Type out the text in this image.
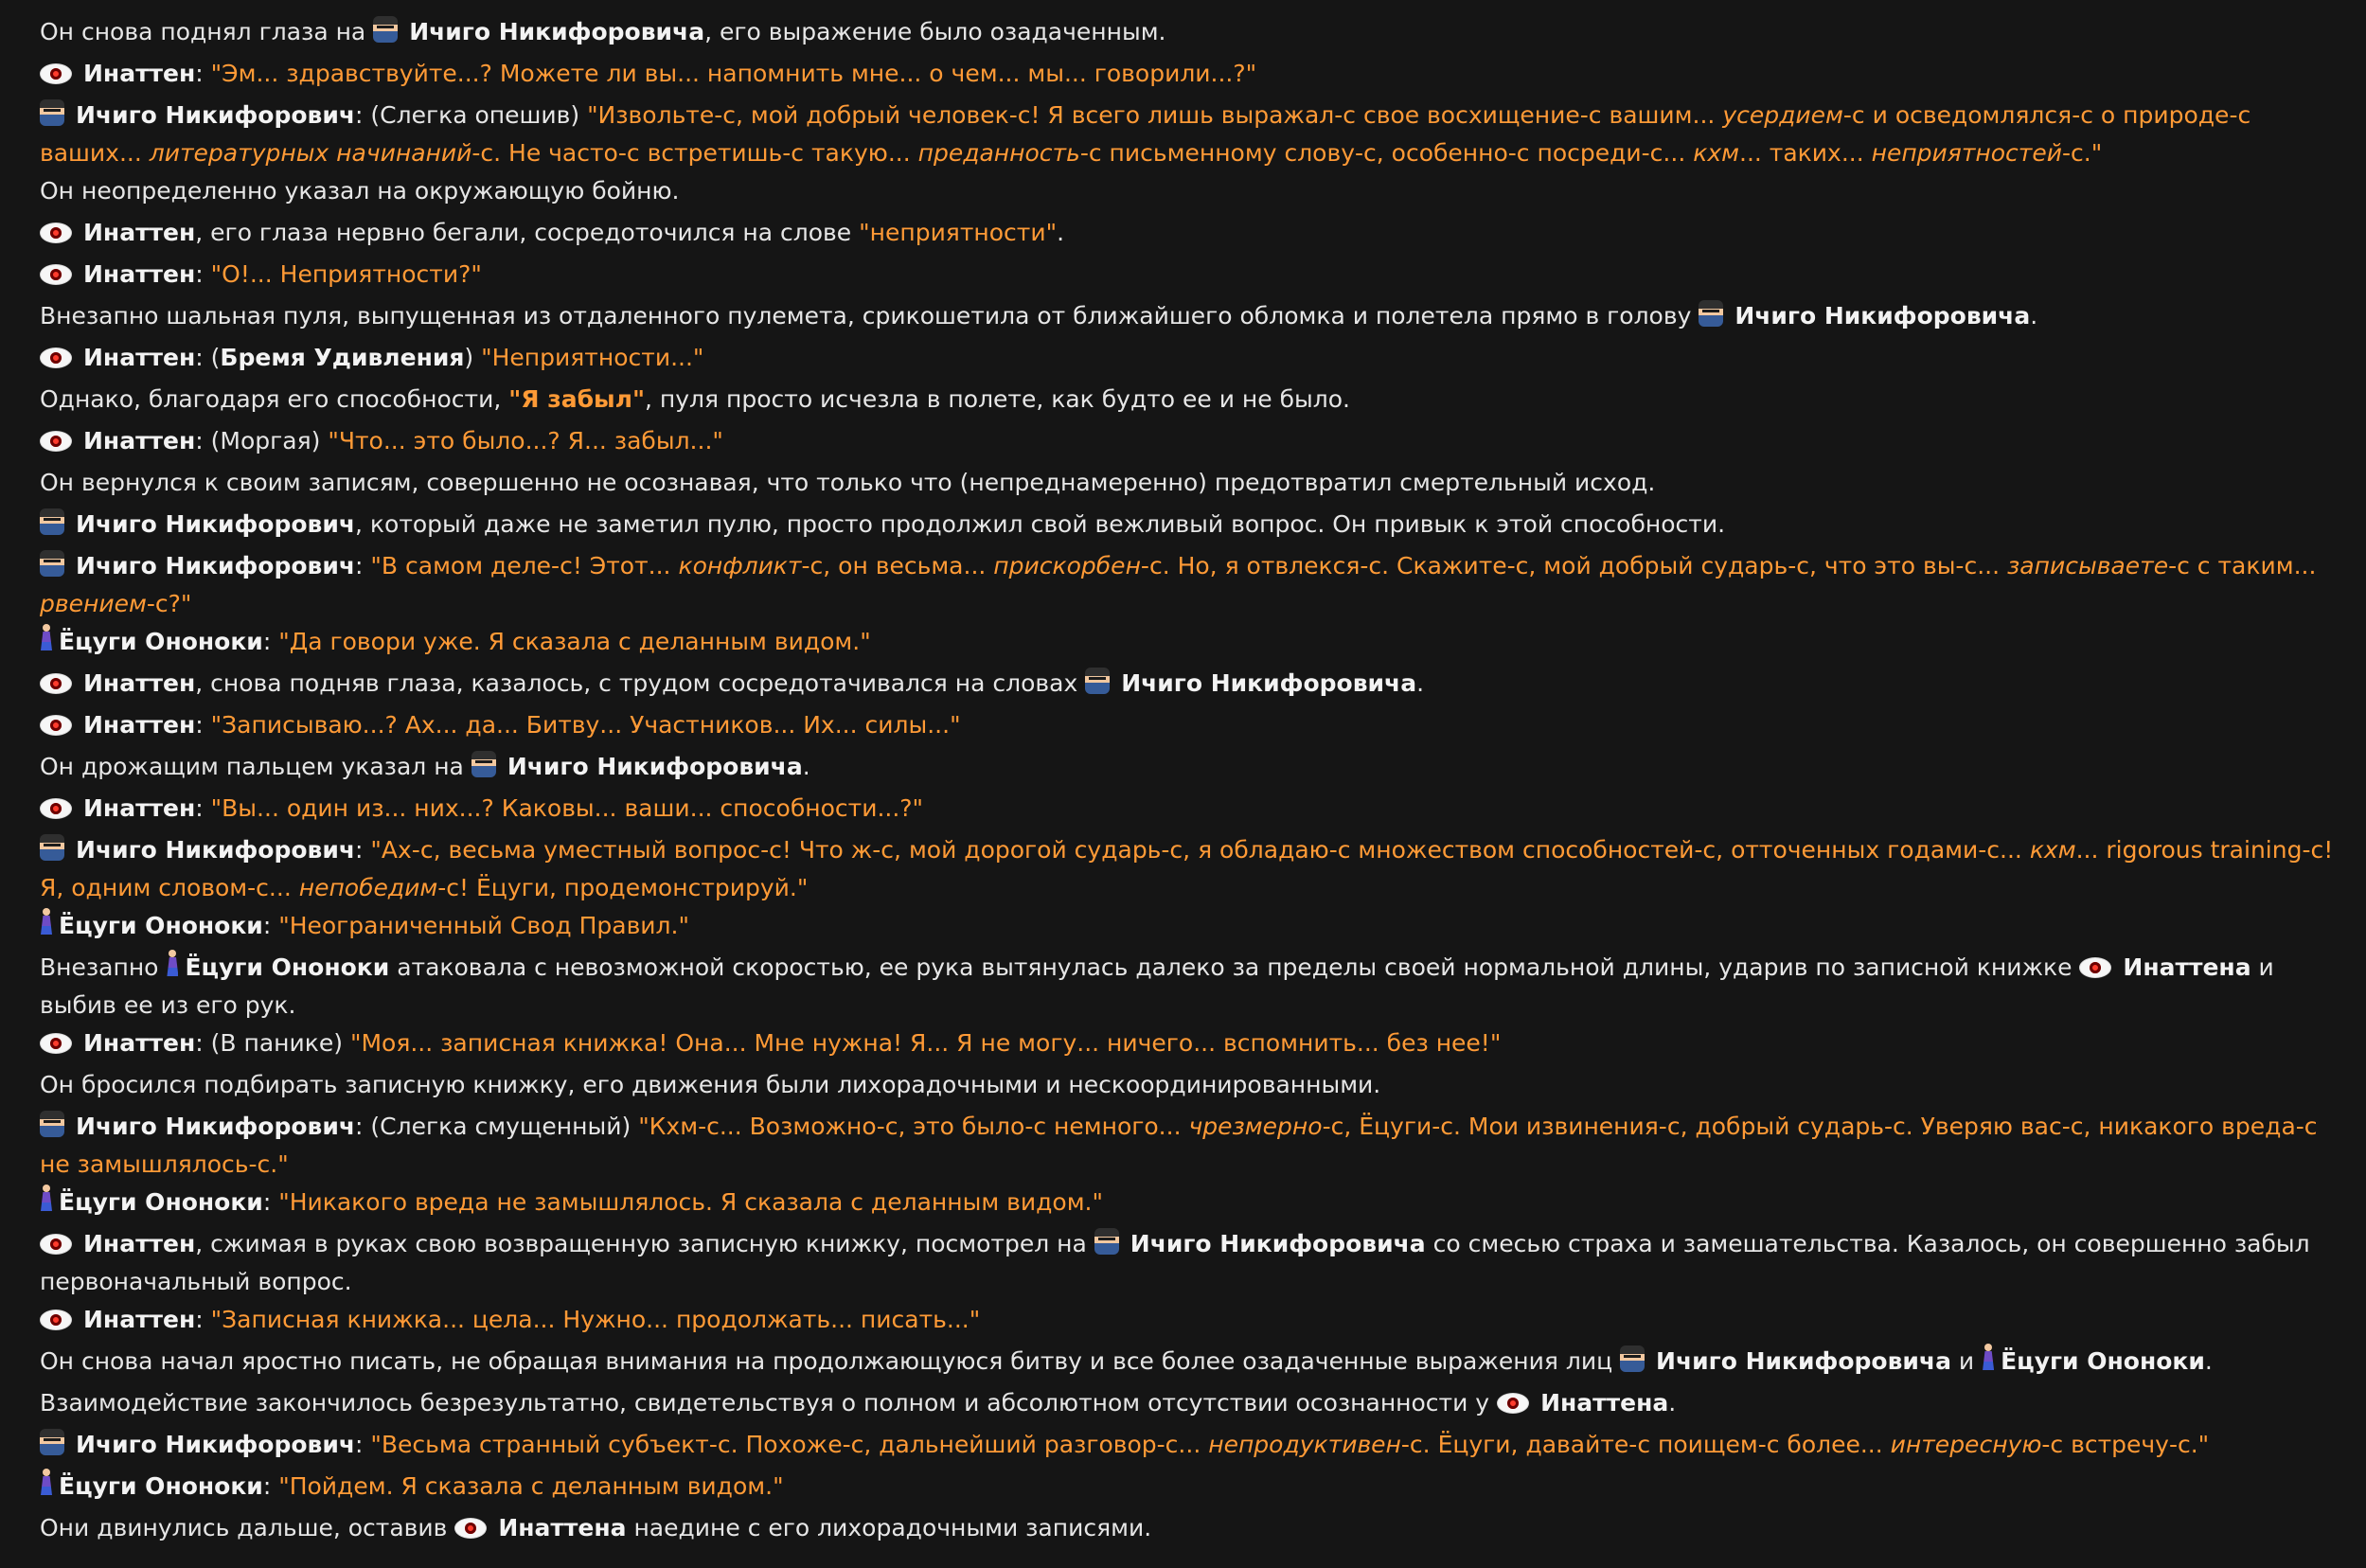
Он снова поднял глаза на Ичиго Никифоровича, его выражение было озадаченным.
Инаттен: "Эм... здравствуйте...? Можете ли вы... напомнить мне... о чем... мы... говорили...?"
Ичиго Никифорович: (Слегка опешив) "Извольте-с, мой добрый человек-с! Я всего лишь выражал-с свое восхищение-с вашим... усердием-с и осведомлялся-с о природе-с ваших... литературных начинаний-с. Не часто-с встретишь-с такую... преданность-с письменному слову-с, особенно-с посреди-с... кхм... таких... неприятностей-с."
Он неопределенно указал на окружающую бойню.
Инаттен, его глаза нервно бегали, сосредоточился на слове "неприятности".
Инаттен: "О!... Неприятности?"
Внезапно шальная пуля, выпущенная из отдаленного пулемета, срикошетила от ближайшего обломка и полетела прямо в голову Ичиго Никифоровича.
Инаттен: (Бремя Удивления) "Неприятности..."
Однако, благодаря его способности, "Я забыл", пуля просто исчезла в полете, как будто ее и не было.
Инаттен: (Моргая) "Что... это было...? Я... забыл..."
Он вернулся к своим записям, совершенно не осознавая, что только что (непреднамеренно) предотвратил смертельный исход.
Ичиго Никифорович, который даже не заметил пулю, просто продолжил свой вежливый вопрос. Он привык к этой способности.
Ичиго Никифорович: "В самом деле-с! Этот... конфликт-с, он весьма... прискорбен-с. Но, я отвлекся-с. Скажите-с, мой добрый сударь-с, что это вы-с... записываете-с с таким... рвением-с?"
Ёцуги Ононоки: "Да говори уже. Я сказала с деланным видом."
Инаттен, снова подняв глаза, казалось, с трудом сосредотачивался на словах Ичиго Никифоровича.
Инаттен: "Записываю...? Ах... да... Битву... Участников... Их... силы..."
Он дрожащим пальцем указал на Ичиго Никифоровича.
Инаттен: "Вы... один из... них...? Каковы... ваши... способности...?"
Ичиго Никифорович: "Ах-с, весьма уместный вопрос-с! Что ж-с, мой дорогой сударь-с, я обладаю-с множеством способностей-с, отточенных годами-с... кхм... rigorous training-с! Я, одним словом-с... непобедим-с! Ёцуги, продемонстрируй."
Ёцуги Ононоки: "Неограниченный Свод Правил."
Внезапно Ёцуги Ононоки атаковала с невозможной скоростью, ее рука вытянулась далеко за пределы своей нормальной длины, ударив по записной книжке Инаттена и выбив ее из его рук.
Инаттен: (В панике) "Моя... записная книжка! Она... Мне нужна! Я... Я не могу... ничего... вспомнить... без нее!"
Он бросился подбирать записную книжку, его движения были лихорадочными и нескоординированными.
Ичиго Никифорович: (Слегка смущенный) "Кхм-с... Возможно-с, это было-с немного... чрезмерно-с, Ёцуги-с. Мои извинения-с, добрый сударь-с. Уверяю вас-с, никакого вреда-с не замышлялось-с."
Ёцуги Ононоки: "Никакого вреда не замышлялось. Я сказала с деланным видом."
Инаттен, сжимая в руках свою возвращенную записную книжку, посмотрел на Ичиго Никифоровича со смесью страха и замешательства. Казалось, он совершенно забыл первоначальный вопрос.
Инаттен: "Записная книжка... цела... Нужно... продолжать... писать..."
Он снова начал яростно писать, не обращая внимания на продолжающуюся битву и все более озадаченные выражения лиц Ичиго Никифоровича и Ёцуги Ононоки.
Взаимодействие закончилось безрезультатно, свидетельствуя о полном и абсолютном отсутствии осознанности у Инаттена.
Ичиго Никифорович: "Весьма странный субъект-с. Похоже-с, дальнейший разговор-с... непродуктивен-с. Ёцуги, давайте-с поищем-с более... интересную-с встречу-с."
Ёцуги Ононоки: "Пойдем. Я сказала с деланным видом."
Они двинулись дальше, оставив Инаттена наедине с его лихорадочными записями.
